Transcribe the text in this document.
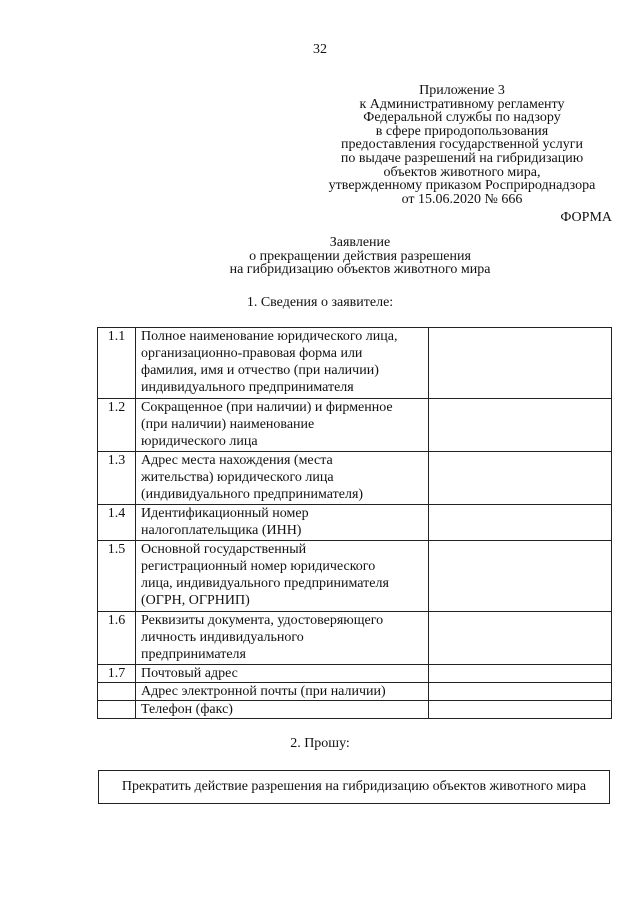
32
Приложение 3
к Административному регламенту
Федеральной службы по надзору
в сфере природопользования
предоставления государственной услуги
по выдаче разрешений на гибридизацию
объектов животного мира,
утвержденному приказом Росприроднадзора
от 15.06.2020 № 666
ФОРМА
Заявление
о прекращении действия разрешения
на гибридизацию объектов животного мира
1. Сведения о заявителе:
1.1	Полное наименование юридического лица,
организационно-правовая форма или
фамилия, имя и отчество (при наличии)
индивидуального предпринимателя	

1.2	Сокращенное (при наличии) и фирменное
(при наличии) наименование
юридического лица	

1.3	Адрес места нахождения (места
жительства) юридического лица
(индивидуального предпринимателя)	

1.4	Идентификационный номер
налогоплательщика (ИНН)	

1.5	Основной государственный
регистрационный номер юридического
лица, индивидуального предпринимателя
(ОГРН, ОГРНИП)	

1.6	Реквизиты документа, удостоверяющего
личность индивидуального
предпринимателя	

1.7	Почтовый адрес	

	Адрес электронной почты (при наличии)	

	Телефон (факс)	

2. Прошу:
Прекратить действие разрешения на гибридизацию объектов животного мира
